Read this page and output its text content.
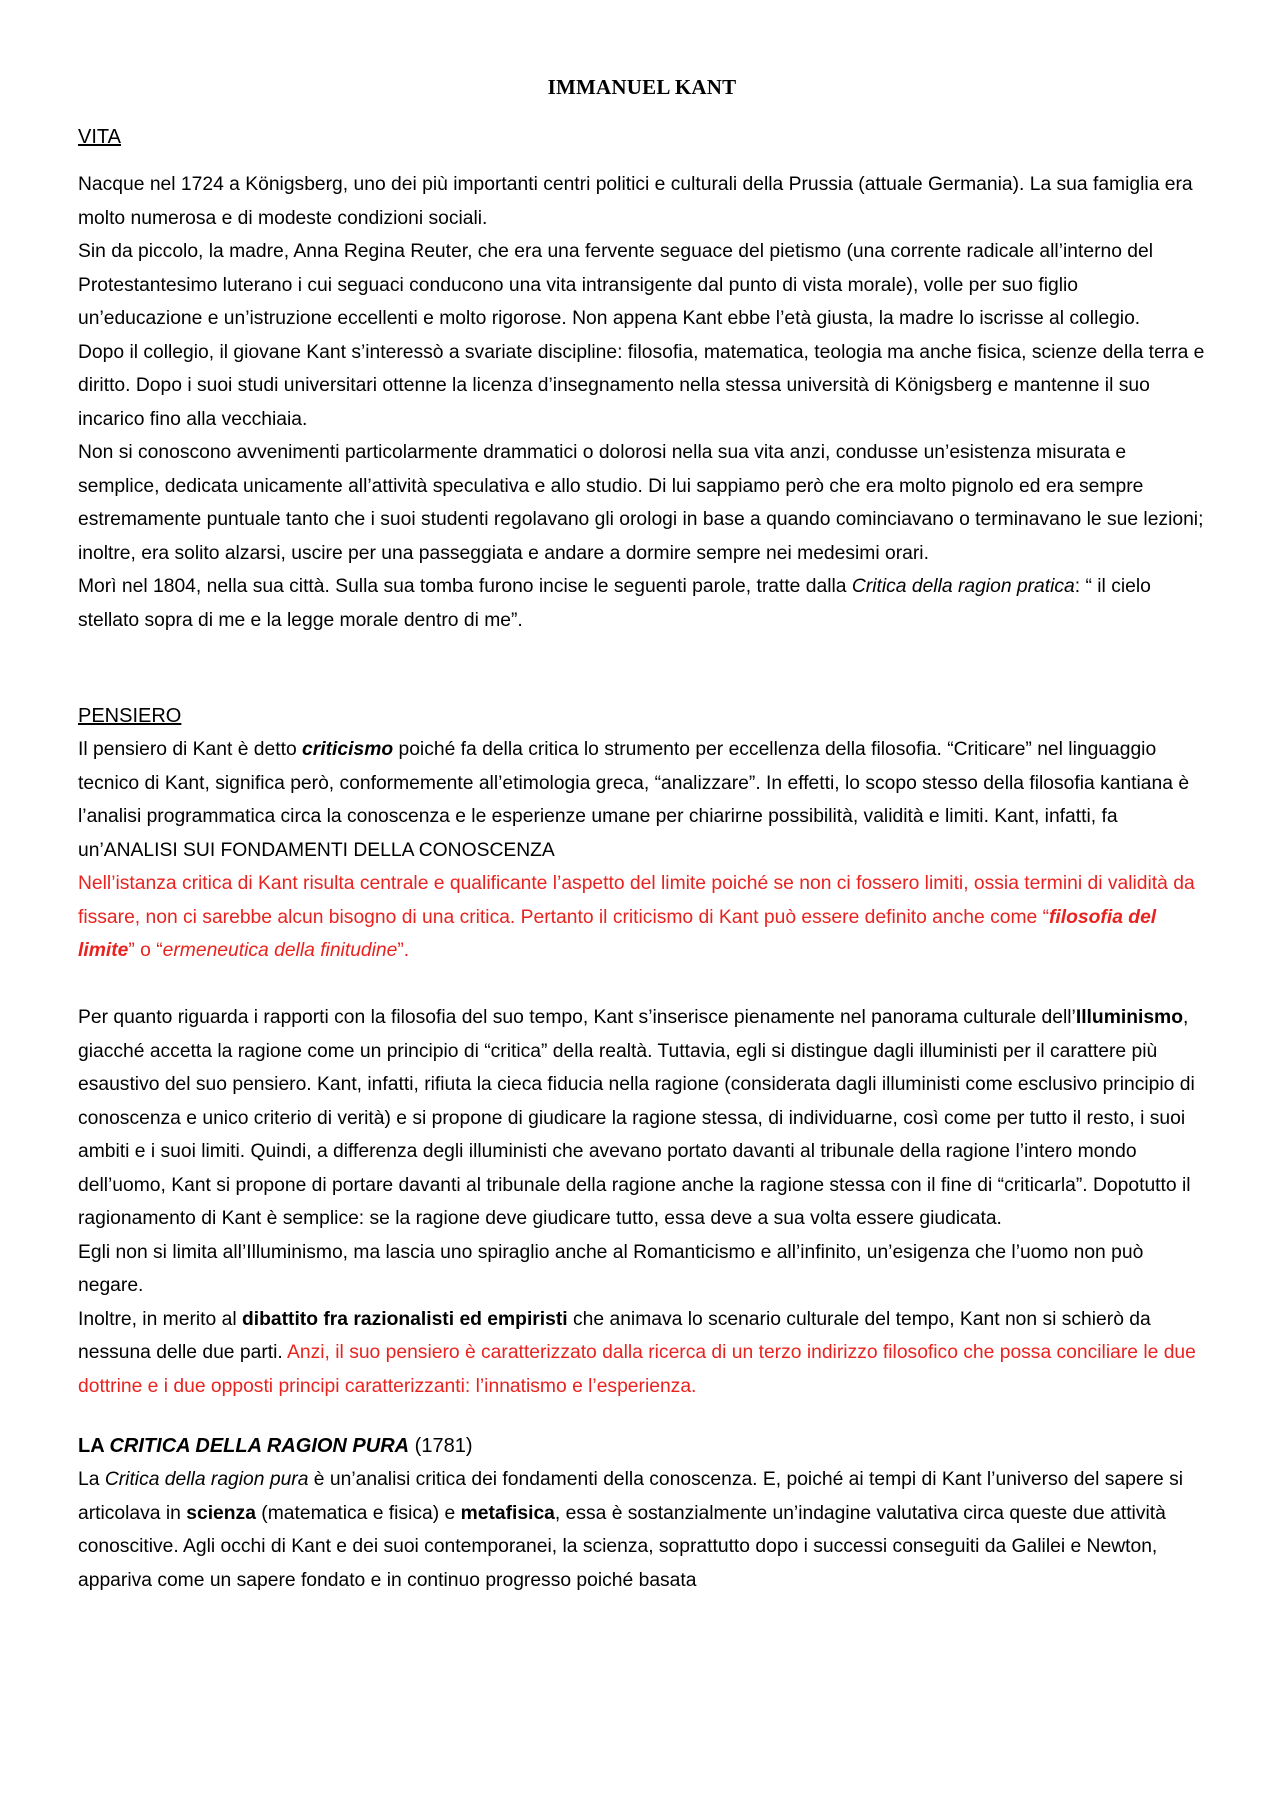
IMMANUEL KANT
VITA

Nacque nel 1724 a Königsberg, uno dei più importanti centri politici e culturali della Prussia (attuale Germania). La sua famiglia era molto numerosa e di modeste condizioni sociali.

Sin da piccolo, la madre, Anna Regina Reuter, che era una fervente seguace del pietismo (una corrente radicale all’interno del Protestantesimo luterano i cui seguaci conducono una vita intransigente dal punto di vista morale), volle per suo figlio un’educazione e un’istruzione eccellenti e molto rigorose. Non appena Kant ebbe l’età giusta, la madre lo iscrisse al collegio.

Dopo il collegio, il giovane Kant s’interessò a svariate discipline: filosofia, matematica, teologia ma anche fisica, scienze della terra e diritto. Dopo i suoi studi universitari ottenne la licenza d’insegnamento nella stessa università di Königsberg e mantenne il suo incarico fino alla vecchiaia.

Non si conoscono avvenimenti particolarmente drammatici o dolorosi nella sua vita anzi, condusse un’esistenza misurata e semplice, dedicata unicamente all’attività speculativa e allo studio. Di lui sappiamo però che era molto pignolo ed era sempre estremamente puntuale tanto che i suoi studenti regolavano gli orologi in base a quando cominciavano o terminavano le sue lezioni; inoltre, era solito alzarsi, uscire per una passeggiata e andare a dormire sempre nei medesimi orari.

Morì nel 1804, nella sua città. Sulla sua tomba furono incise le seguenti parole, tratte dalla Critica della ragion pratica: “ il cielo stellato sopra di me e la legge morale dentro di me”.

PENSIERO

Il pensiero di Kant è detto criticismo poiché fa della critica lo strumento per eccellenza della filosofia. “Criticare” nel linguaggio tecnico di Kant, significa però, conformemente all’etimologia greca, “analizzare”. In effetti, lo scopo stesso della filosofia kantiana è l’analisi programmatica circa la conoscenza e le esperienze umane per chiarirne possibilità, validità e limiti. Kant, infatti, fa un’ANALISI SUI FONDAMENTI DELLA CONOSCENZA

Nell’istanza critica di Kant risulta centrale e qualificante l’aspetto del limite poiché se non ci fossero limiti, ossia termini di validità da fissare, non ci sarebbe alcun bisogno di una critica. Pertanto il criticismo di Kant può essere definito anche come “filosofia del limite” o “ermeneutica della finitudine”.

Per quanto riguarda i rapporti con la filosofia del suo tempo, Kant s’inserisce pienamente nel panorama culturale dell’Illuminismo, giacché accetta la ragione come un principio di “critica” della realtà. Tuttavia, egli si distingue dagli illuministi per il carattere più esaustivo del suo pensiero. Kant, infatti, rifiuta la cieca fiducia nella ragione (considerata dagli illuministi come esclusivo principio di conoscenza e unico criterio di verità) e si propone di giudicare la ragione stessa, di individuarne, così come per tutto il resto, i suoi ambiti e i suoi limiti. Quindi, a differenza degli illuministi che avevano portato davanti al tribunale della ragione l’intero mondo dell’uomo, Kant si propone di portare davanti al tribunale della ragione anche la ragione stessa con il fine di “criticarla”. Dopotutto il ragionamento di Kant è semplice: se la ragione deve giudicare tutto, essa deve a sua volta essere giudicata.

Egli non si limita all’Illuminismo, ma lascia uno spiraglio anche al Romanticismo e all’infinito, un’esigenza che l’uomo non può negare.

Inoltre, in merito al dibattito fra razionalisti ed empiristi che animava lo scenario culturale del tempo, Kant non si schierò da nessuna delle due parti. Anzi, il suo pensiero è caratterizzato dalla ricerca di un terzo indirizzo filosofico che possa conciliare le due dottrine e i due opposti principi caratterizzanti: l’innatismo e l’esperienza.

LA CRITICA DELLA RAGION PURA (1781)

La Critica della ragion pura è un’analisi critica dei fondamenti della conoscenza. E, poiché ai tempi di Kant l’universo del sapere si articolava in scienza (matematica e fisica) e metafisica, essa è sostanzialmente un’indagine valutativa circa queste due attività conoscitive. Agli occhi di Kant e dei suoi contemporanei, la scienza, soprattutto dopo i successi conseguiti da Galilei e Newton, appariva come un sapere fondato e in continuo progresso poiché basata
